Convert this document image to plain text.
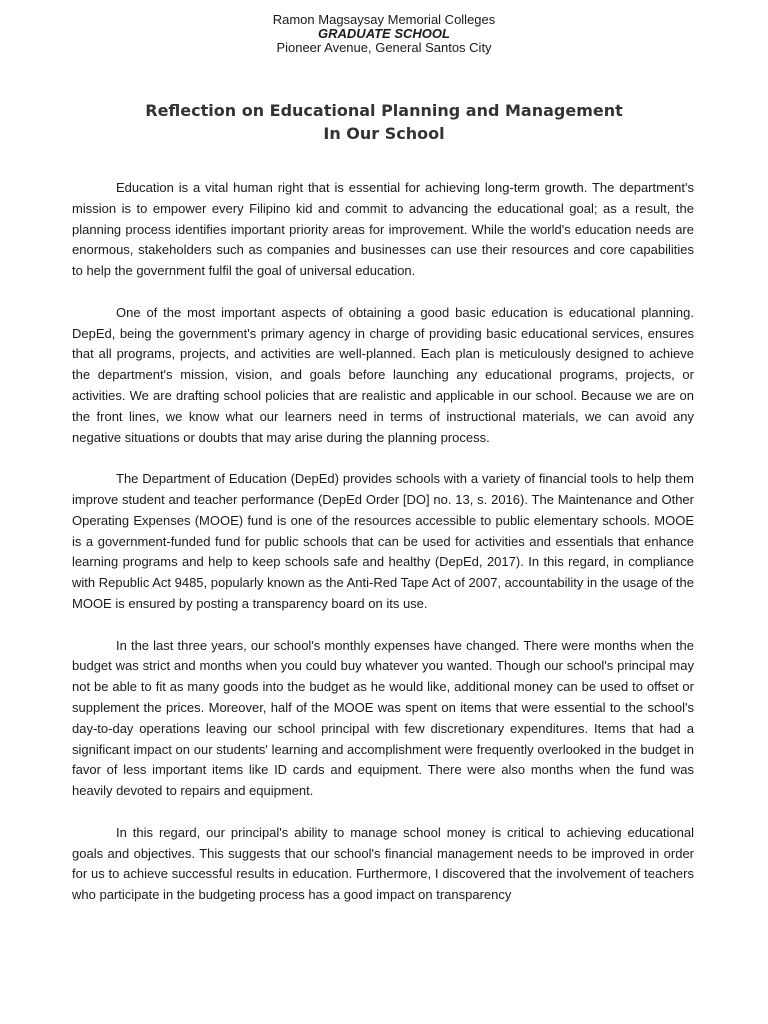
Ramon Magsaysay Memorial Colleges
GRADUATE SCHOOL
Pioneer Avenue, General Santos City
Reflection on Educational Planning and Management
In Our School

Education is a vital human right that is essential for achieving long-term growth. The department's mission is to empower every Filipino kid and commit to advancing the educational goal; as a result, the planning process identifies important priority areas for improvement. While the world's education needs are enormous, stakeholders such as companies and businesses can use their resources and core capabilities to help the government fulfil the goal of universal education.

One of the most important aspects of obtaining a good basic education is educational planning. DepEd, being the government's primary agency in charge of providing basic educational services, ensures that all programs, projects, and activities are well-planned. Each plan is meticulously designed to achieve the department's mission, vision, and goals before launching any educational programs, projects, or activities. We are drafting school policies that are realistic and applicable in our school. Because we are on the front lines, we know what our learners need in terms of instructional materials, we can avoid any negative situations or doubts that may arise during the planning process.

The Department of Education (DepEd) provides schools with a variety of financial tools to help them improve student and teacher performance (DepEd Order [DO] no. 13, s. 2016). The Maintenance and Other Operating Expenses (MOOE) fund is one of the resources accessible to public elementary schools. MOOE is a government-funded fund for public schools that can be used for activities and essentials that enhance learning programs and help to keep schools safe and healthy (DepEd, 2017). In this regard, in compliance with Republic Act 9485, popularly known as the Anti-Red Tape Act of 2007, accountability in the usage of the MOOE is ensured by posting a transparency board on its use.

In the last three years, our school's monthly expenses have changed. There were months when the budget was strict and months when you could buy whatever you wanted. Though our school's principal may not be able to fit as many goods into the budget as he would like, additional money can be used to offset or supplement the prices. Moreover, half of the MOOE was spent on items that were essential to the school's day-to-day operations leaving our school principal with few discretionary expenditures. Items that had a significant impact on our students' learning and accomplishment were frequently overlooked in the budget in favor of less important items like ID cards and equipment. There were also months when the fund was heavily devoted to repairs and equipment.

In this regard, our principal's ability to manage school money is critical to achieving educational goals and objectives. This suggests that our school's financial management needs to be improved in order for us to achieve successful results in education. Furthermore, I discovered that the involvement of teachers who participate in the budgeting process has a good impact on transparency
